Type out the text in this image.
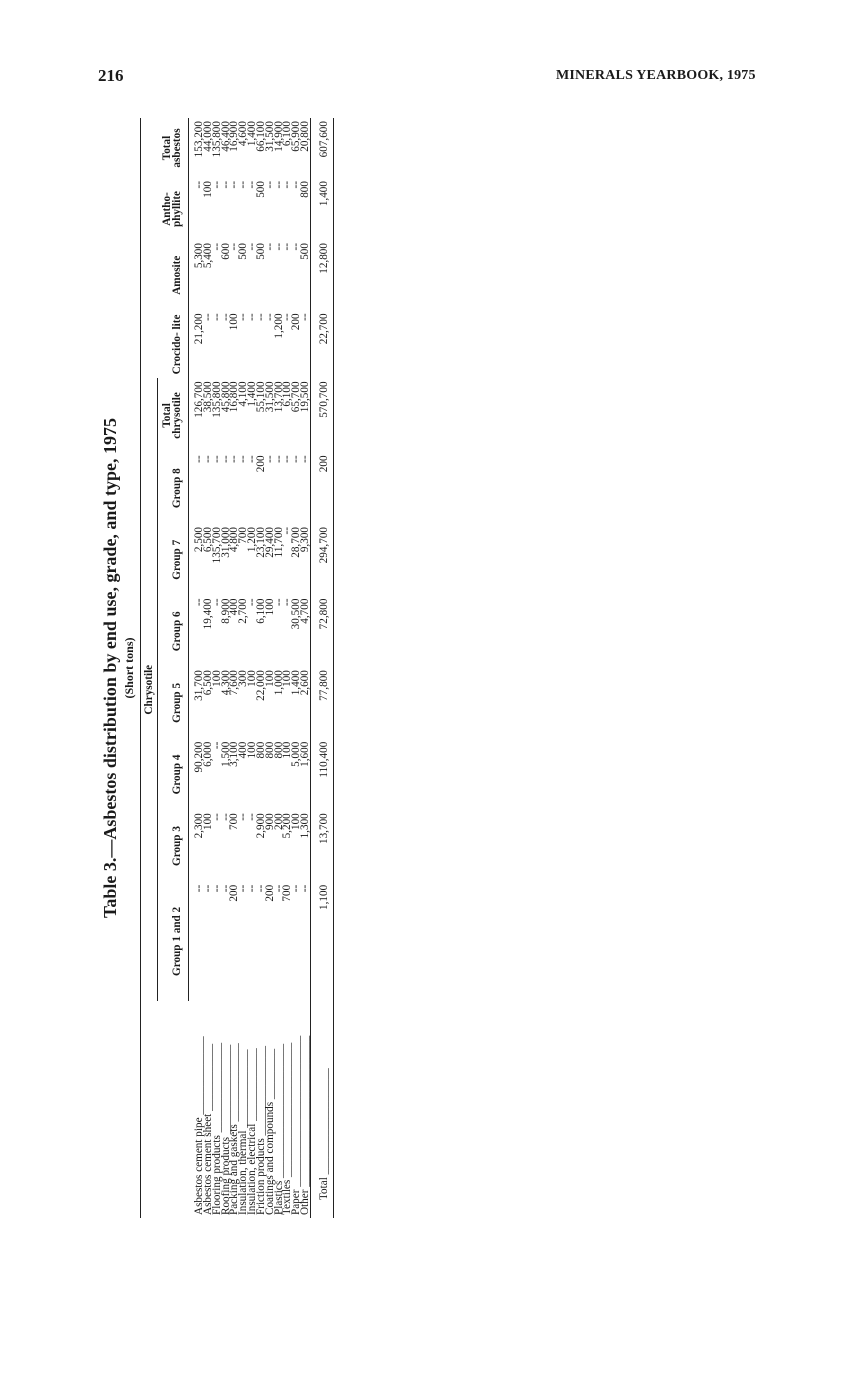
216	MINERALS YEARBOOK, 1975
Table 3.—Asbestos distribution by end use, grade, and type, 1975 (Short tons)
	Chrysotile								Crocido- lite	Amosite	Antho- phyllite	Total asbestos
	Group 1 and 2	Group 3	Group 4	Group 5	Group 6	Group 7	Group 8	Total chrysotile				
Asbestos cement pipe ______________	--	2,300	90,200	31,700	--	2,500	--	126,700	21,200	5,300	--	153,200
Asbestos cement sheet ____________	--	100	6,000	6,500	19,400	6,500	--	38,500	--	5,400	100	44,000
Flooring products ________________	--	--	--	100	--	135,700	--	135,800	--	--	--	135,800
Roofing products ________________	--	--	1,500	4,300	8,900	31,000	--	45,800	--	600	--	46,400
Packing and gaskets ______________	200	700	3,100	7,600	400	4,800	--	16,800	100	--	--	16,900
Insulation, thermal ______________	--	--	400	300	2,700	700	--	4,100	--	500	--	4,600
Insulation, electrical _____________	--	--	100	100	--	1,200	--	1,400	--	--	--	1,400
Friction products ________________	--	2,900	800	22,000	6,100	23,100	200	55,100	--	500	500	66,100
Coatings and compounds _________	200	900	800	100	100	29,400	--	31,500	--	--	--	31,500
Plastics ________________________	--	200	800	1,000	--	11,700	--	13,700	1,200	--	--	14,900
Textiles ________________________	700	5,200	100	100	--	--	--	6,100	--	--	--	6,100
Paper ___________________________	--	100	5,000	1,400	30,500	28,700	--	65,700	200	--	--	65,900
Other ___________________________	--	1,300	1,600	2,600	4,700	9,300	--	19,500	--	500	800	20,800
Total ___________________	1,100	13,700	110,400	77,800	72,800	294,700	200	570,700	22,700	12,800	1,400	607,600
